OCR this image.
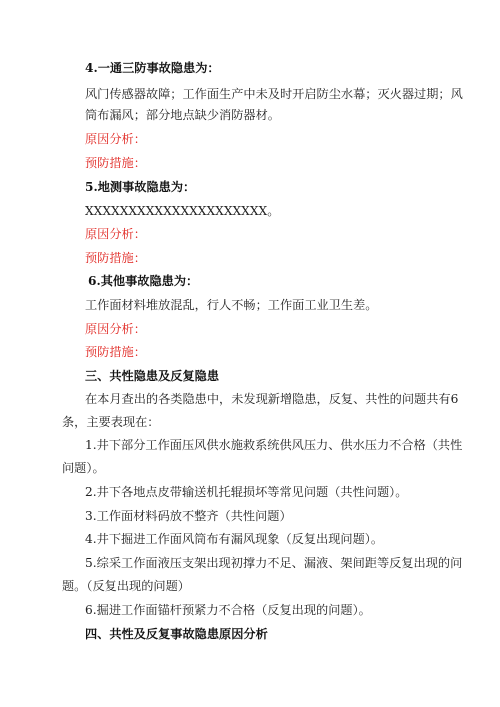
4.一通三防事故隐患为：
风门传感器故障；工作面生产中未及时开启防尘水幕；灭火器过期；风
筒布漏风；部分地点缺少消防器材。
原因分析：
预防措施：
5.地测事故隐患为：
XXXXXXXXXXXXXXXXXXXXX。
原因分析：
预防措施：
6.其他事故隐患为：
工作面材料堆放混乱，行人不畅；工作面工业卫生差。
原因分析：
预防措施：
三、共性隐患及反复隐患
在本月查出的各类隐患中，未发现新增隐患，反复、共性的问题共有6
条，主要表现在：
1.井下部分工作面压风供水施救系统供风压力、供水压力不合格（共性
问题）。
2.井下各地点皮带输送机托辊损坏等常见问题（共性问题）。
3.工作面材料码放不整齐（共性问题）
4.井下掘进工作面风筒布有漏风现象（反复出现问题）。
5.综采工作面液压支架出现初撑力不足、漏液、架间距等反复出现的问
题。（反复出现的问题）
6.掘进工作面锚杆预紧力不合格（反复出现的问题）。
四、共性及反复事故隐患原因分析
